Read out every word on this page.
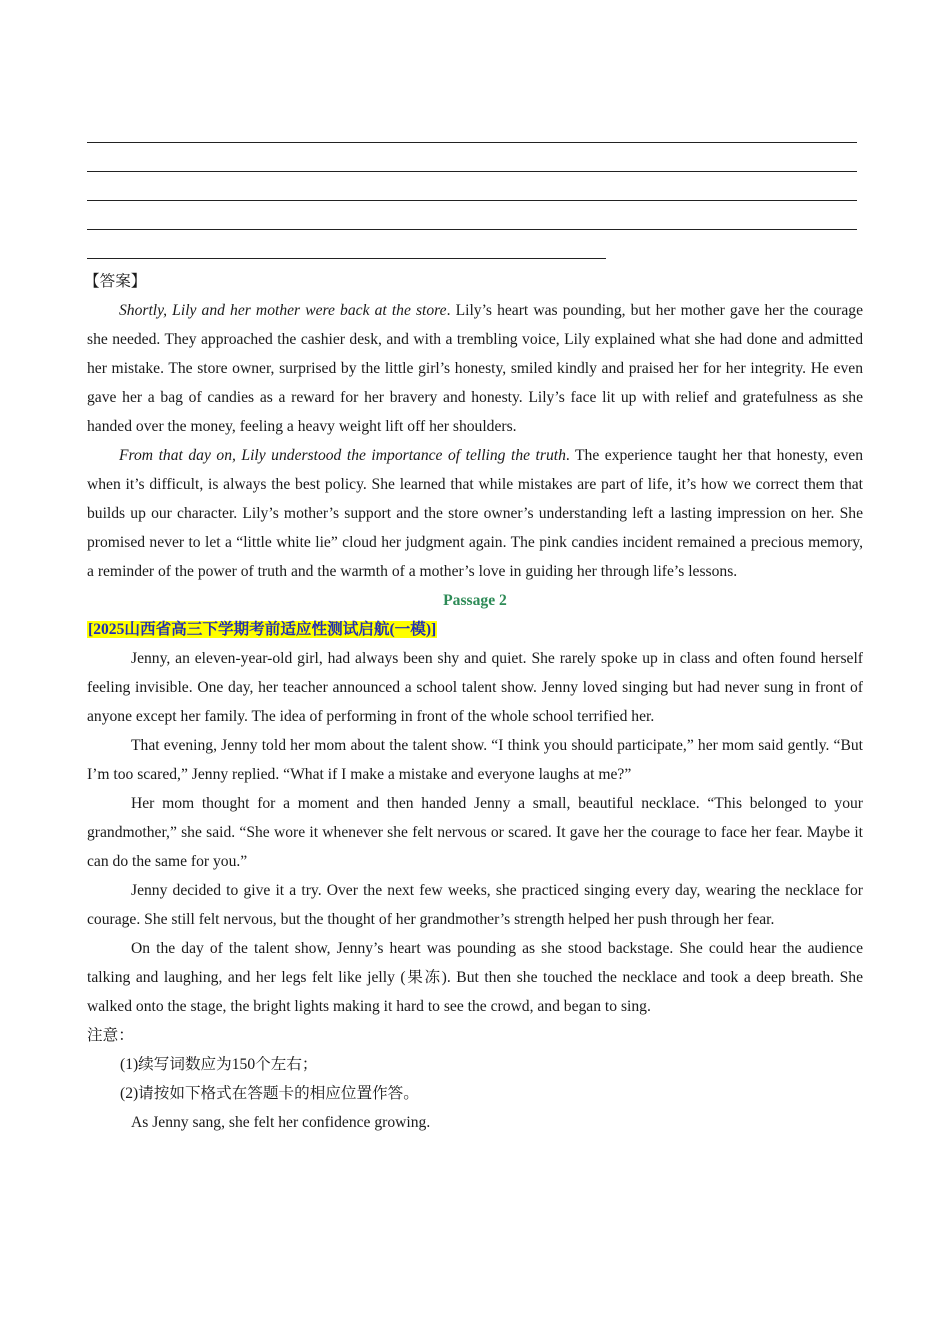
【答案】

Shortly, Lily and her mother were back at the store. Lily’s heart was pounding, but her mother gave her the courage she needed. They approached the cashier desk, and with a trembling voice, Lily explained what she had done and admitted her mistake. The store owner, surprised by the little girl’s honesty, smiled kindly and praised her for her integrity. He even gave her a bag of candies as a reward for her bravery and honesty. Lily’s face lit up with relief and gratefulness as she handed over the money, feeling a heavy weight lift off her shoulders.

From that day on, Lily understood the importance of telling the truth. The experience taught her that honesty, even when it’s difficult, is always the best policy. She learned that while mistakes are part of life, it’s how we correct them that builds up our character. Lily’s mother’s support and the store owner’s understanding left a lasting impression on her. She promised never to let a “little white lie” cloud her judgment again. The pink candies incident remained a precious memory, a reminder of the power of truth and the warmth of a mother’s love in guiding her through life’s lessons.

Passage 2

[2025山西省高三下学期考前适应性测试启航(一模)]

Jenny, an eleven-year-old girl, had always been shy and quiet. She rarely spoke up in class and often found herself feeling invisible. One day, her teacher announced a school talent show. Jenny loved singing but had never sung in front of anyone except her family. The idea of performing in front of the whole school terrified her.

That evening, Jenny told her mom about the talent show. “I think you should participate,” her mom said gently. “But I’m too scared,” Jenny replied. “What if I make a mistake and everyone laughs at me?”

Her mom thought for a moment and then handed Jenny a small, beautiful necklace. “This belonged to your grandmother,” she said. “She wore it whenever she felt nervous or scared. It gave her the courage to face her fear. Maybe it can do the same for you.”

Jenny decided to give it a try. Over the next few weeks, she practiced singing every day, wearing the necklace for courage. She still felt nervous, but the thought of her grandmother’s strength helped her push through her fear.

On the day of the talent show, Jenny’s heart was pounding as she stood backstage. She could hear the audience talking and laughing, and her legs felt like jelly (果冻). But then she touched the necklace and took a deep breath. She walked onto the stage, the bright lights making it hard to see the crowd, and began to sing.

注意：

(1)续写词数应为150个左右；

(2)请按如下格式在答题卡的相应位置作答。

As Jenny sang, she felt her confidence growing.
